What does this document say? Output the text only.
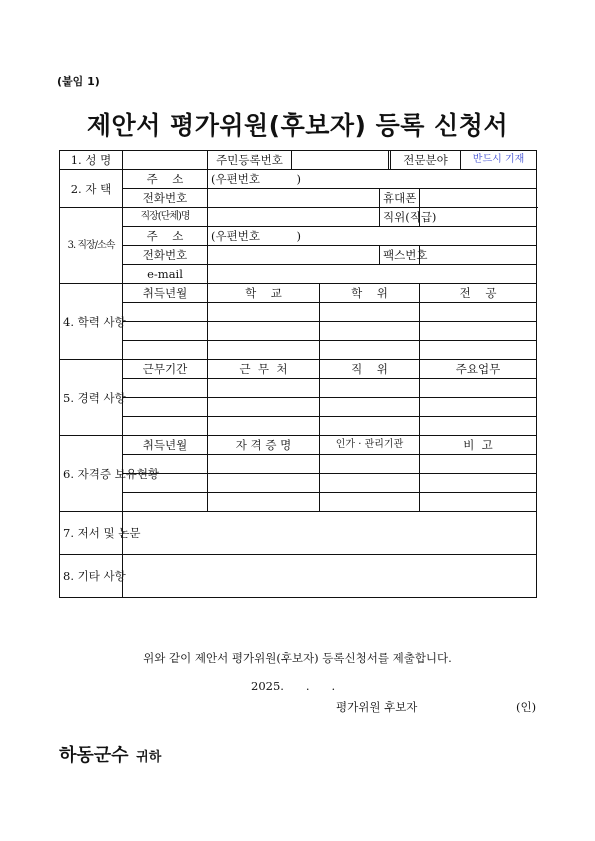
(붙임 1)
제안서 평가위원(후보자) 등록 신청서
1. 성 명		주민등록번호					전문분야		반드시 기재
2. 자 택	주    소	(우편번호          )							
	전화번호				휴대폰				
3. 직장/소속	직장(단체)명				직위(직급)				
	주    소	(우편번호          )							
	전화번호				팩스번호				
	e-mail								
4. 학력 사항	취득년월	학    교		학    위				전    공	

5. 경력 사항	근무기간	근  무  처		직    위				주요업무	

6. 자격증 보유현황	취득년월	자 격 증 명		인가 · 관리기관				비  고	

7. 저서 및 논문									
8. 기타 사항									
위와 같이 제안서 평가위원(후보자) 등록신청서를 제출합니다.
2025.      .      .
평가위원 후보자	(인)
하동군수 귀하
